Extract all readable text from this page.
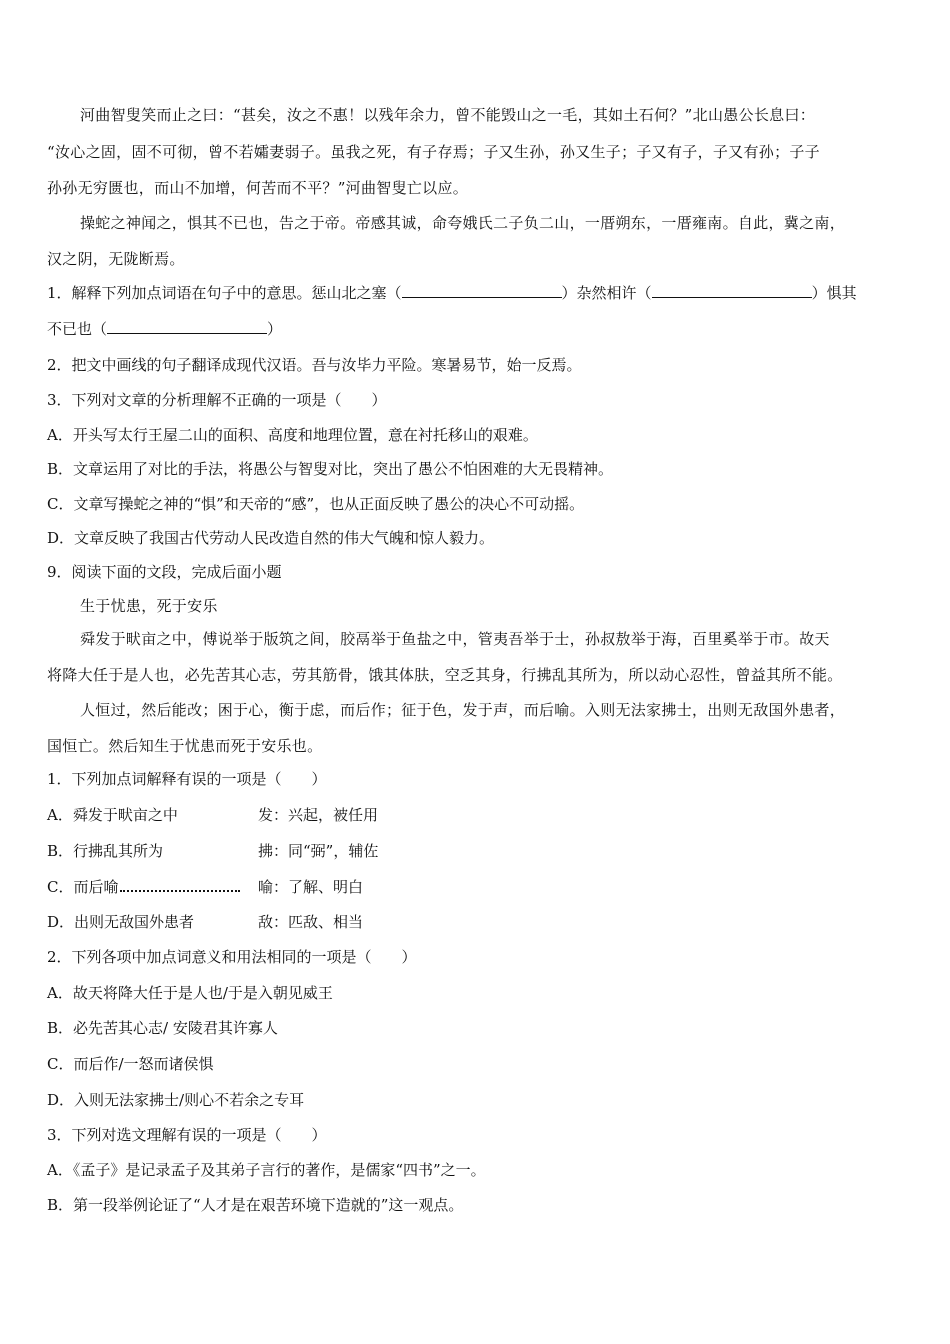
河曲智叟笑而止之曰：“甚矣，汝之不惠！以残年余力，曾不能毁山之一毛，其如土石何？”北山愚公长息曰：
“汝心之固，固不可彻，曾不若孀妻弱子。虽我之死，有子存焉；子又生孙，孙又生子；子又有子，子又有孙；子子
孙孙无穷匮也，而山不加增，何苦而不平？”河曲智叟亡以应。
操蛇之神闻之，惧其不已也，告之于帝。帝感其诚，命夸娥氏二子负二山，一厝朔东，一厝雍南。自此，冀之南，
汉之阴，无陇断焉。
1．解释下列加点词语在句子中的意思。惩山北之塞（	）杂然相许（	）惧其
不已也（	）
2．把文中画线的句子翻译成现代汉语。吾与汝毕力平险。寒暑易节，始一反焉。
3．下列对文章的分析理解不正确的一项是（　　）
A．开头写太行王屋二山的面积、高度和地理位置，意在衬托移山的艰难。
B．文章运用了对比的手法，将愚公与智叟对比，突出了愚公不怕困难的大无畏精神。
C．文章写操蛇之神的“惧”和天帝的“感”，也从正面反映了愚公的决心不可动摇。
D．文章反映了我国古代劳动人民改造自然的伟大气魄和惊人毅力。
9．阅读下面的文段，完成后面小题
生于忧患，死于安乐
舜发于畎亩之中，傅说举于版筑之间，胶鬲举于鱼盐之中，管夷吾举于士，孙叔敖举于海，百里奚举于市。故天
将降大任于是人也，必先苦其心志，劳其筋骨，饿其体肤，空乏其身，行拂乱其所为，所以动心忍性，曾益其所不能。
人恒过，然后能改；困于心，衡于虑，而后作；征于色，发于声，而后喻。入则无法家拂士，出则无敌国外患者，
国恒亡。然后知生于忧患而死于安乐也。
1．下列加点词解释有误的一项是（　　）
A．舜发于畎亩之中	发：兴起，被任用
B．行拂乱其所为	拂：同“弼”，辅佐
C．而后喻	喻：了解、明白
D．出则无敌国外患者	敌：匹敌、相当
2．下列各项中加点词意义和用法相同的一项是（　　）
A．故天将降大任于是人也/于是入朝见威王
B．必先苦其心志/ 安陵君其许寡人
C．而后作/一怒而诸侯惧
D．入则无法家拂士/则心不若余之专耳
3．下列对选文理解有误的一项是（　　）
A．《孟子》是记录孟子及其弟子言行的著作，是儒家“四书”之一。
B．第一段举例论证了“人才是在艰苦环境下造就的”这一观点。
